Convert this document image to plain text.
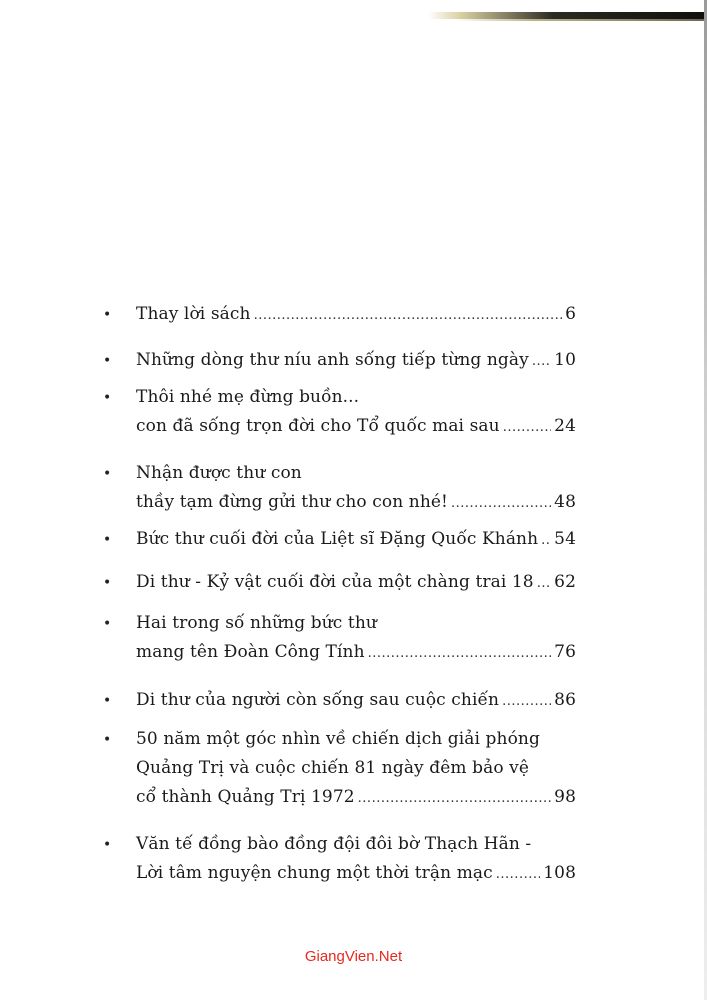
• Thay lời sách .....	6
• Những dòng thư níu anh sống tiếp từng ngày ..... 10
• Thôi nhé mẹ đừng buồn...
con đã sống trọn đời cho Tổ quốc mai sau .....	24
• Nhận được thư con
thầy tạm đừng gửi thư cho con nhé! .....	48
• Bức thư cuối đời của Liệt sĩ Đặng Quốc Khánh ..... 54
• Di thư - Kỷ vật cuối đời của một chàng trai 18 ..... 62
• Hai trong số những bức thư
mang tên Đoàn Công Tính .....	76
• Di thư của người còn sống sau cuộc chiến .....	86
• 50 năm một góc nhìn về chiến dịch giải phóng
Quảng Trị và cuộc chiến 81 ngày đêm bảo vệ
cổ thành Quảng Trị 1972 .....	98
• Văn tế đồng bào đồng đội đôi bờ Thạch Hãn -
Lời tâm nguyện chung một thời trận mạc .....	108
GiangVien.Net
